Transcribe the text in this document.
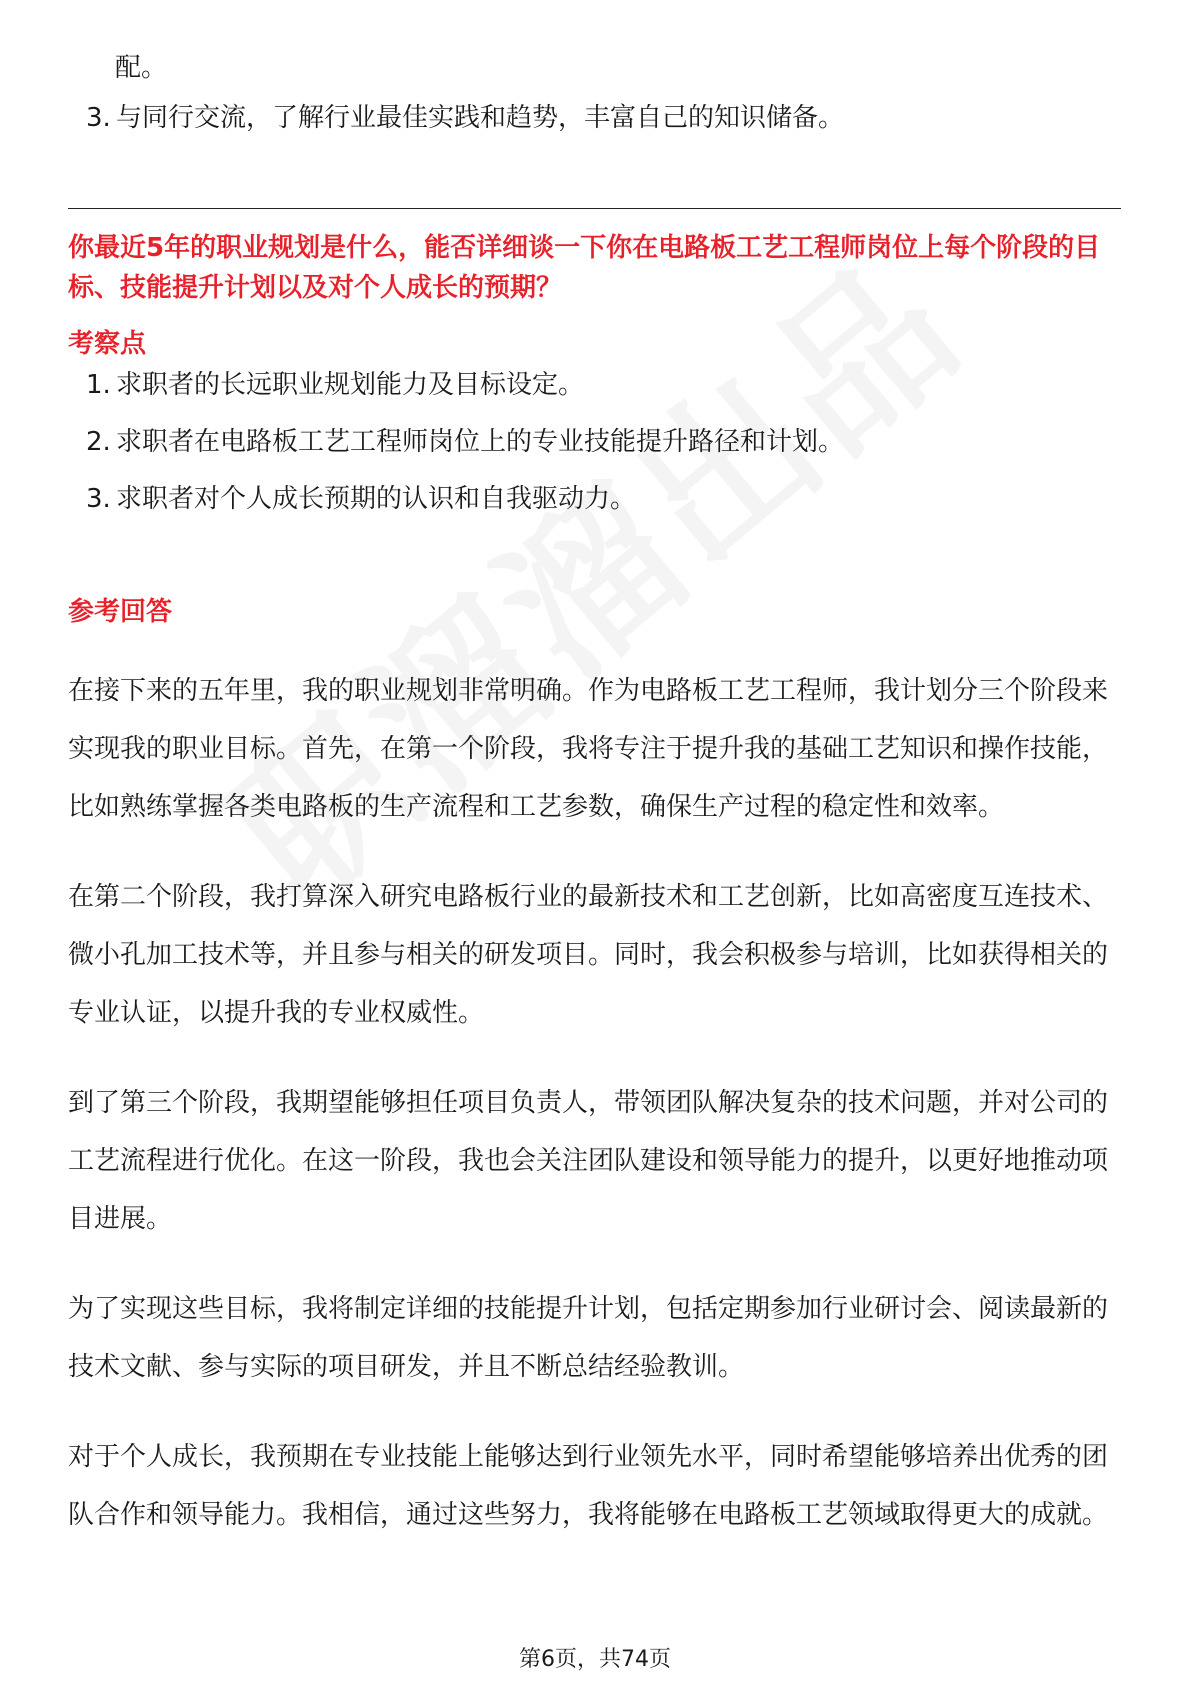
配。
3. 与同行交流，了解行业最佳实践和趋势，丰富自己的知识储备。
你最近5年的职业规划是什么，能否详细谈一下你在电路板工艺工程师岗位上每个阶段的目标、技能提升计划以及对个人成长的预期？
考察点
1. 求职者的长远职业规划能力及目标设定。
2. 求职者在电路板工艺工程师岗位上的专业技能提升路径和计划。
3. 求职者对个人成长预期的认识和自我驱动力。
参考回答

在接下来的五年里，我的职业规划非常明确。作为电路板工艺工程师，我计划分三个阶段来实现我的职业目标。首先，在第一个阶段，我将专注于提升我的基础工艺知识和操作技能，比如熟练掌握各类电路板的生产流程和工艺参数，确保生产过程的稳定性和效率。

在第二个阶段，我打算深入研究电路板行业的最新技术和工艺创新，比如高密度互连技术、微小孔加工技术等，并且参与相关的研发项目。同时，我会积极参与培训，比如获得相关的专业认证，以提升我的专业权威性。

到了第三个阶段，我期望能够担任项目负责人，带领团队解决复杂的技术问题，并对公司的工艺流程进行优化。在这一阶段，我也会关注团队建设和领导能力的提升，以更好地推动项目进展。

为了实现这些目标，我将制定详细的技能提升计划，包括定期参加行业研讨会、阅读最新的技术文献、参与实际的项目研发，并且不断总结经验教训。

对于个人成长，我预期在专业技能上能够达到行业领先水平，同时希望能够培养出优秀的团队合作和领导能力。我相信，通过这些努力，我将能够在电路板工艺领域取得更大的成就。

第6页，共74页
